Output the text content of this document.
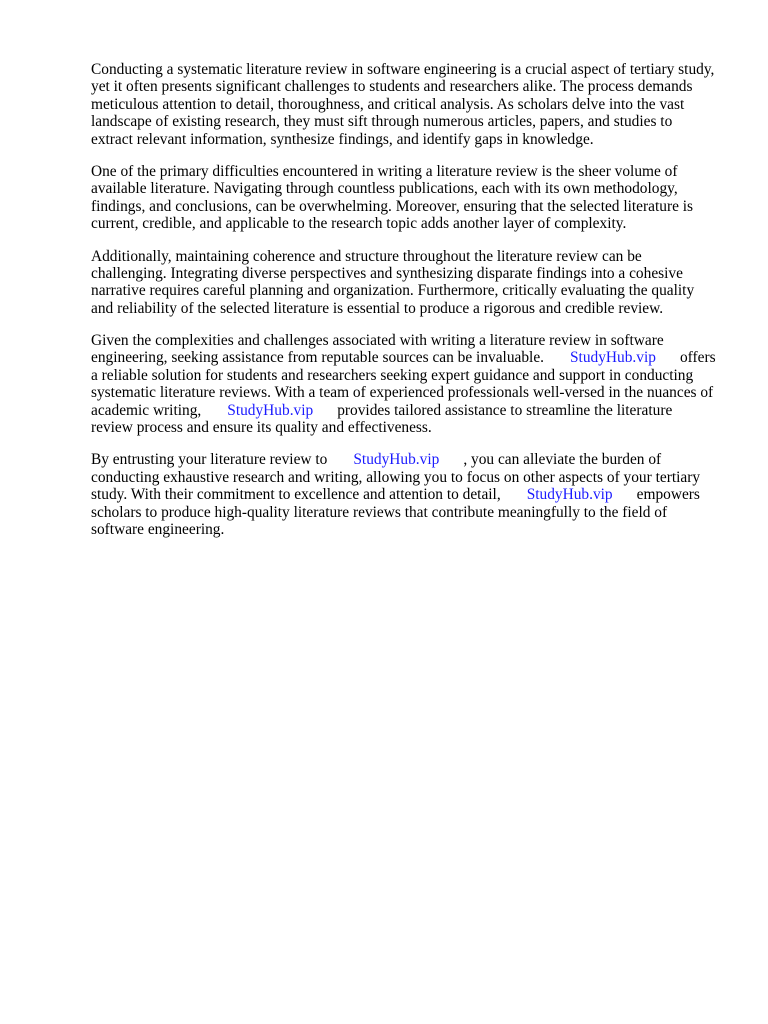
Conducting a systematic literature review in software engineering is a crucial aspect of tertiary study,
yet it often presents significant challenges to students and researchers alike. The process demands
meticulous attention to detail, thoroughness, and critical analysis. As scholars delve into the vast
landscape of existing research, they must sift through numerous articles, papers, and studies to
extract relevant information, synthesize findings, and identify gaps in knowledge.

One of the primary difficulties encountered in writing a literature review is the sheer volume of
available literature. Navigating through countless publications, each with its own methodology,
findings, and conclusions, can be overwhelming. Moreover, ensuring that the selected literature is
current, credible, and applicable to the research topic adds another layer of complexity.

Additionally, maintaining coherence and structure throughout the literature review can be
challenging. Integrating diverse perspectives and synthesizing disparate findings into a cohesive
narrative requires careful planning and organization. Furthermore, critically evaluating the quality
and reliability of the selected literature is essential to produce a rigorous and credible review.

Given the complexities and challenges associated with writing a literature review in software
engineering, seeking assistance from reputable sources can be invaluable. StudyHub.vip offers
a reliable solution for students and researchers seeking expert guidance and support in conducting
systematic literature reviews. With a team of experienced professionals well-versed in the nuances of
academic writing, StudyHub.vip provides tailored assistance to streamline the literature
review process and ensure its quality and effectiveness.

By entrusting your literature review to StudyHub.vip , you can alleviate the burden of
conducting exhaustive research and writing, allowing you to focus on other aspects of your tertiary
study. With their commitment to excellence and attention to detail, StudyHub.vip empowers
scholars to produce high-quality literature reviews that contribute meaningfully to the field of
software engineering.
